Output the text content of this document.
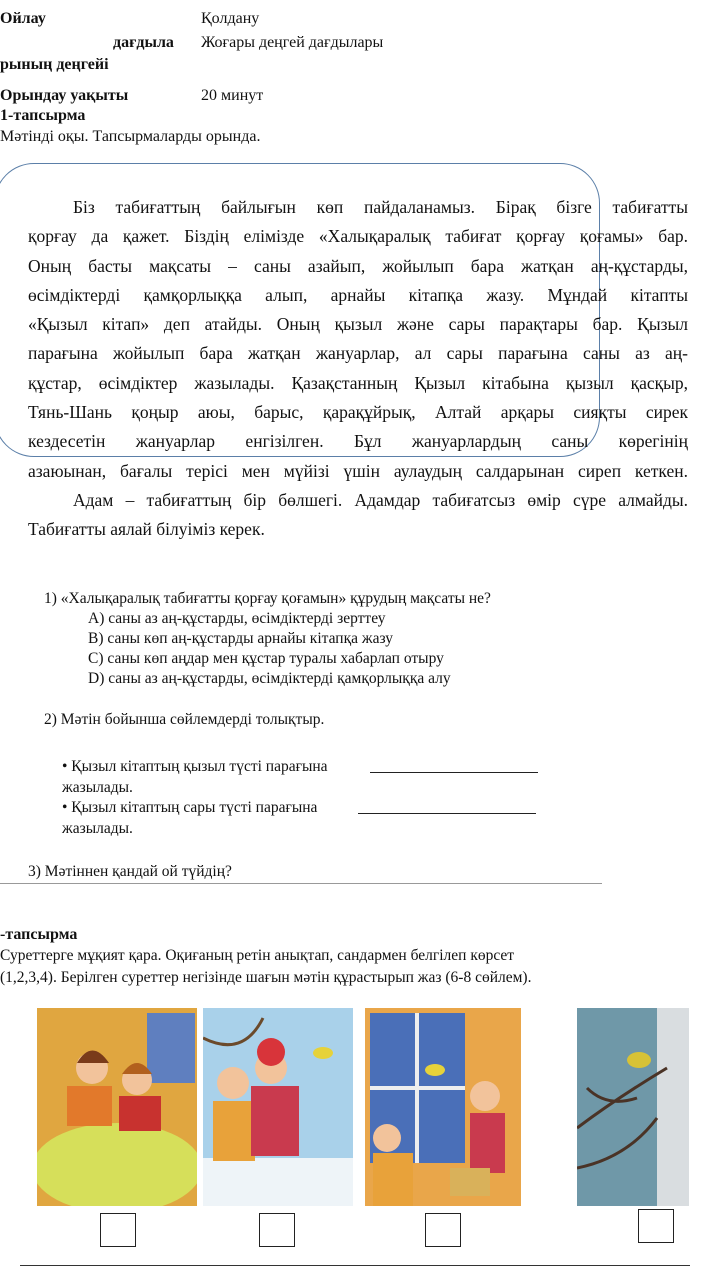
Ойлау
дағдыла
рының деңгейі
Қолдану
Жоғары деңгей дағдылары
Орындау уақыты	20 минут
1-тапсырма
Мәтінді оқы. Тапсырмаларды орында.
Біз табиғаттың байлығын көп пайдаланамыз. Бірақ бізге табиғатты
қорғау да қажет. Біздің елімізде «Халықаралық табиғат қорғау қоғамы» бар.
Оның басты мақсаты – саны азайып, жойылып бара жатқан аң-құстарды,
өсімдіктерді қамқорлыққа алып, арнайы кітапқа жазу. Мұндай кітапты
«Қызыл кітап» деп атайды. Оның қызыл және сары парақтары бар. Қызыл
парағына жойылып бара жатқан жануарлар, ал сары парағына саны аз аң-
құстар, өсімдіктер жазылады. Қазақстанның Қызыл кітабына қызыл қасқыр,
Тянь-Шань қоңыр аюы, барыс, қарақұйрық, Алтай арқары сияқты сирек
кездесетін жануарлар енгізілген. Бұл жануарлардың саны көрегінің
азаюынан, бағалы терісі мен мүйізі үшін аулаудың салдарынан сиреп кеткен.
Адам – табиғаттың бір бөлшегі. Адамдар табиғатсыз өмір сүре алмайды.
Табиғатты аялай білуіміз керек.
1) «Халықаралық табиғатты қорғау қоғамын» құрудың мақсаты не?
A) саны аз аң-құстарды, өсімдіктерді зерттеу
B) саны көп аң-құстарды арнайы кітапқа жазу
C) саны көп аңдар мен құстар туралы хабарлап отыру
D) саны аз аң-құстарды, өсімдіктерді қамқорлыққа алу
2) Мәтін бойынша сөйлемдерді толықтыр.
• Қызыл кітаптың қызыл түсті парағына
жазылады.
• Қызыл кітаптың сары түсті парағына
жазылады.
3) Мәтіннен қандай ой түйдің?
-тапсырма
Суреттерге мұқият қара. Оқиғаның ретін анықтап, сандармен белгілеп көрсет
(1,2,3,4). Берілген суреттер негізінде шағын мәтін құрастырып жаз (6-8 сөйлем).
